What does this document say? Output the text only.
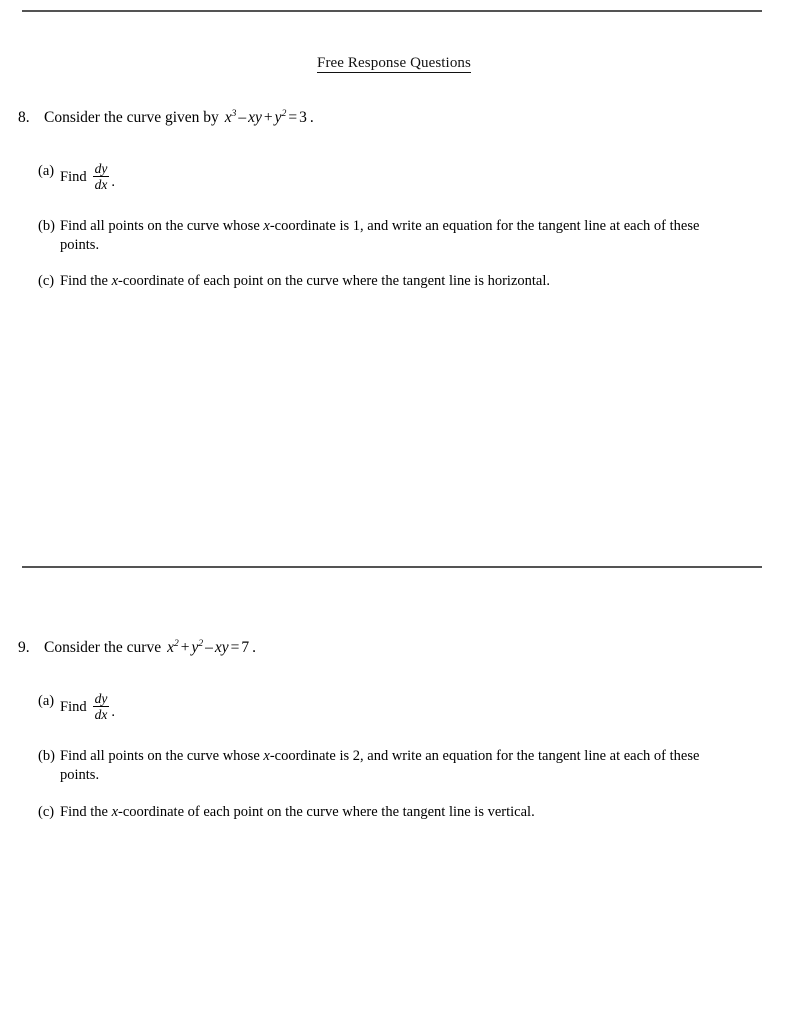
Free Response Questions
8. Consider the curve given by $x^3$ – xy + $y^2 = 3$ .
(a) Find $\frac{dy}{dx}$ .
(b) Find all points on the curve whose x-coordinate is 1, and write an equation for the tangent line at each of these points.
(c) Find the x-coordinate of each point on the curve where the tangent line is horizontal.
9. Consider the curve $x^2 + y^2$ – xy = 7 .
(a) Find $\frac{dy}{dx}$ .
(b) Find all points on the curve whose x-coordinate is 2, and write an equation for the tangent line at each of these points.
(c) Find the x-coordinate of each point on the curve where the tangent line is vertical.
